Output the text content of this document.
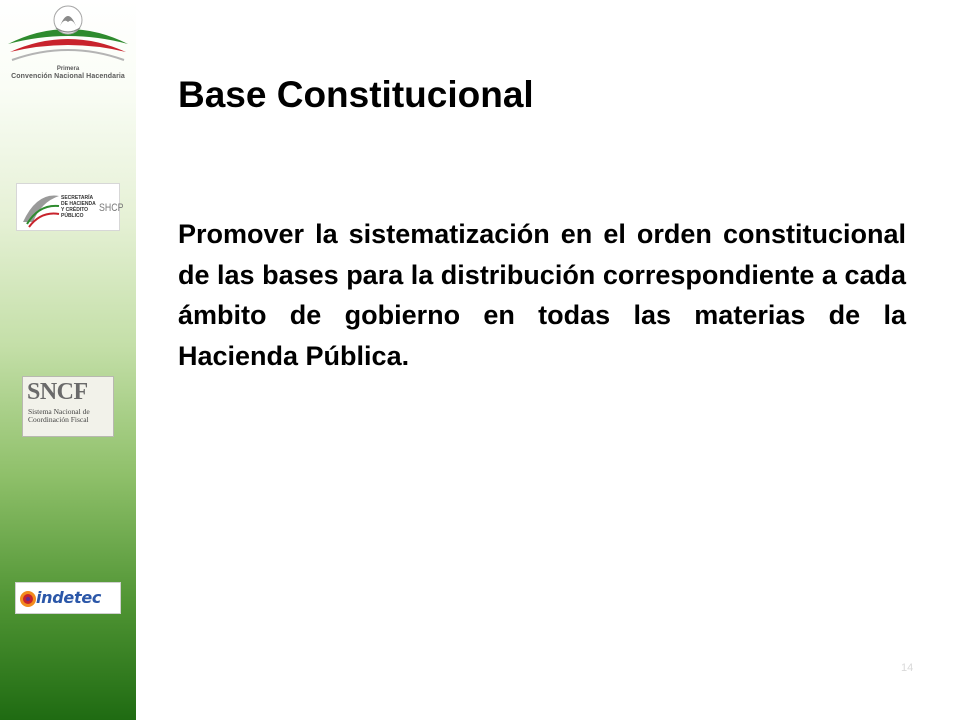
Primera
Convención Nacional Hacendaria
SECRETARÍA DE HACIENDA Y CRÉDITO PÚBLICO
SHCP
SNCF
Sistema Nacional de Coordinación Fiscal
indetec
Base Constitucional

Promover la sistematización en el orden constitucional de las bases para la distribución correspondiente a cada ámbito de gobierno en todas las materias de la Hacienda Pública.

14
